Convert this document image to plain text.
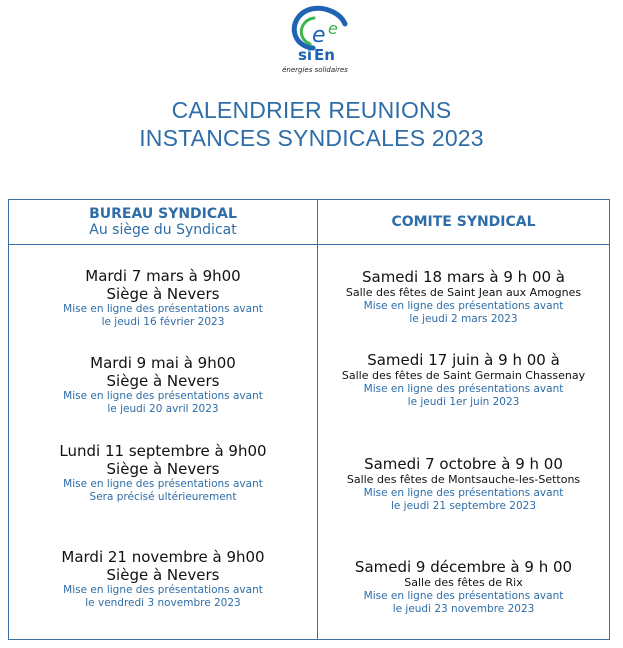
e e
si En
énergies solidaires
CALENDRIER REUNIONS
INSTANCES SYNDICALES 2023
BUREAU SYNDICAL
Au siège du Syndicat	COMITE SYNDICAL
Mardi 7 mars à 9h00
Siège à Nevers
Mise en ligne des présentations avant
le jeudi 16 février 2023
Mardi 9 mai à 9h00
Siège à Nevers
Mise en ligne des présentations avant
le jeudi 20 avril 2023
Lundi 11 septembre à 9h00
Siège à Nevers
Mise en ligne des présentations avant
Sera précisé ultérieurement
Mardi 21 novembre à 9h00
Siège à Nevers
Mise en ligne des présentations avant
le vendredi 3 novembre 2023
Samedi 18 mars à 9 h 00 à
Salle des fêtes de Saint Jean aux Amognes
Mise en ligne des présentations avant
le jeudi 2 mars 2023
Samedi 17 juin à 9 h 00 à
Salle des fêtes de Saint Germain Chassenay
Mise en ligne des présentations avant
le jeudi 1er juin 2023
Samedi 7 octobre à 9 h 00
Salle des fêtes de Montsauche-les-Settons
Mise en ligne des présentations avant
le jeudi 21 septembre 2023
Samedi 9 décembre à 9 h 00
Salle des fêtes de Rix
Mise en ligne des présentations avant
le jeudi 23 novembre 2023
